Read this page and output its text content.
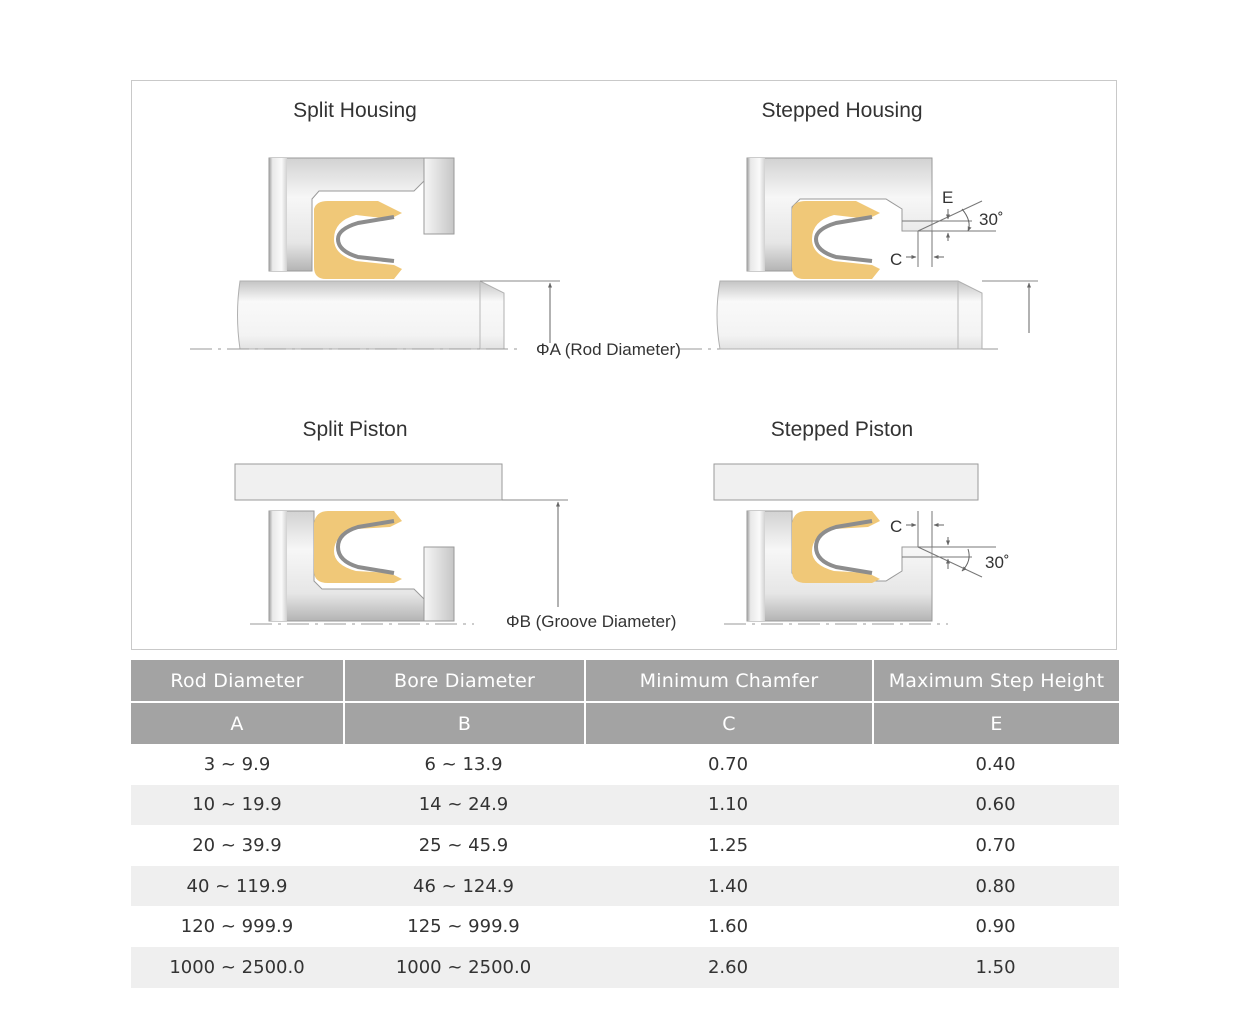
Split Housing
ΦA (Rod Diameter)
Stepped Housing
E
C
30˚
Split Piston
ΦB (Groove Diameter)
Stepped Piston
C
30˚
Rod Diameter	Bore Diameter	Minimum Chamfer	Maximum Step Height
A	B	C	E
3 ~ 9.9	6 ~ 13.9	0.70	0.40
10 ~ 19.9	14 ~ 24.9	1.10	0.60
20 ~ 39.9	25 ~ 45.9	1.25	0.70
40 ~ 119.9	46 ~ 124.9	1.40	0.80
120 ~ 999.9	125 ~ 999.9	1.60	0.90
1000 ~ 2500.0	1000 ~ 2500.0	2.60	1.50
